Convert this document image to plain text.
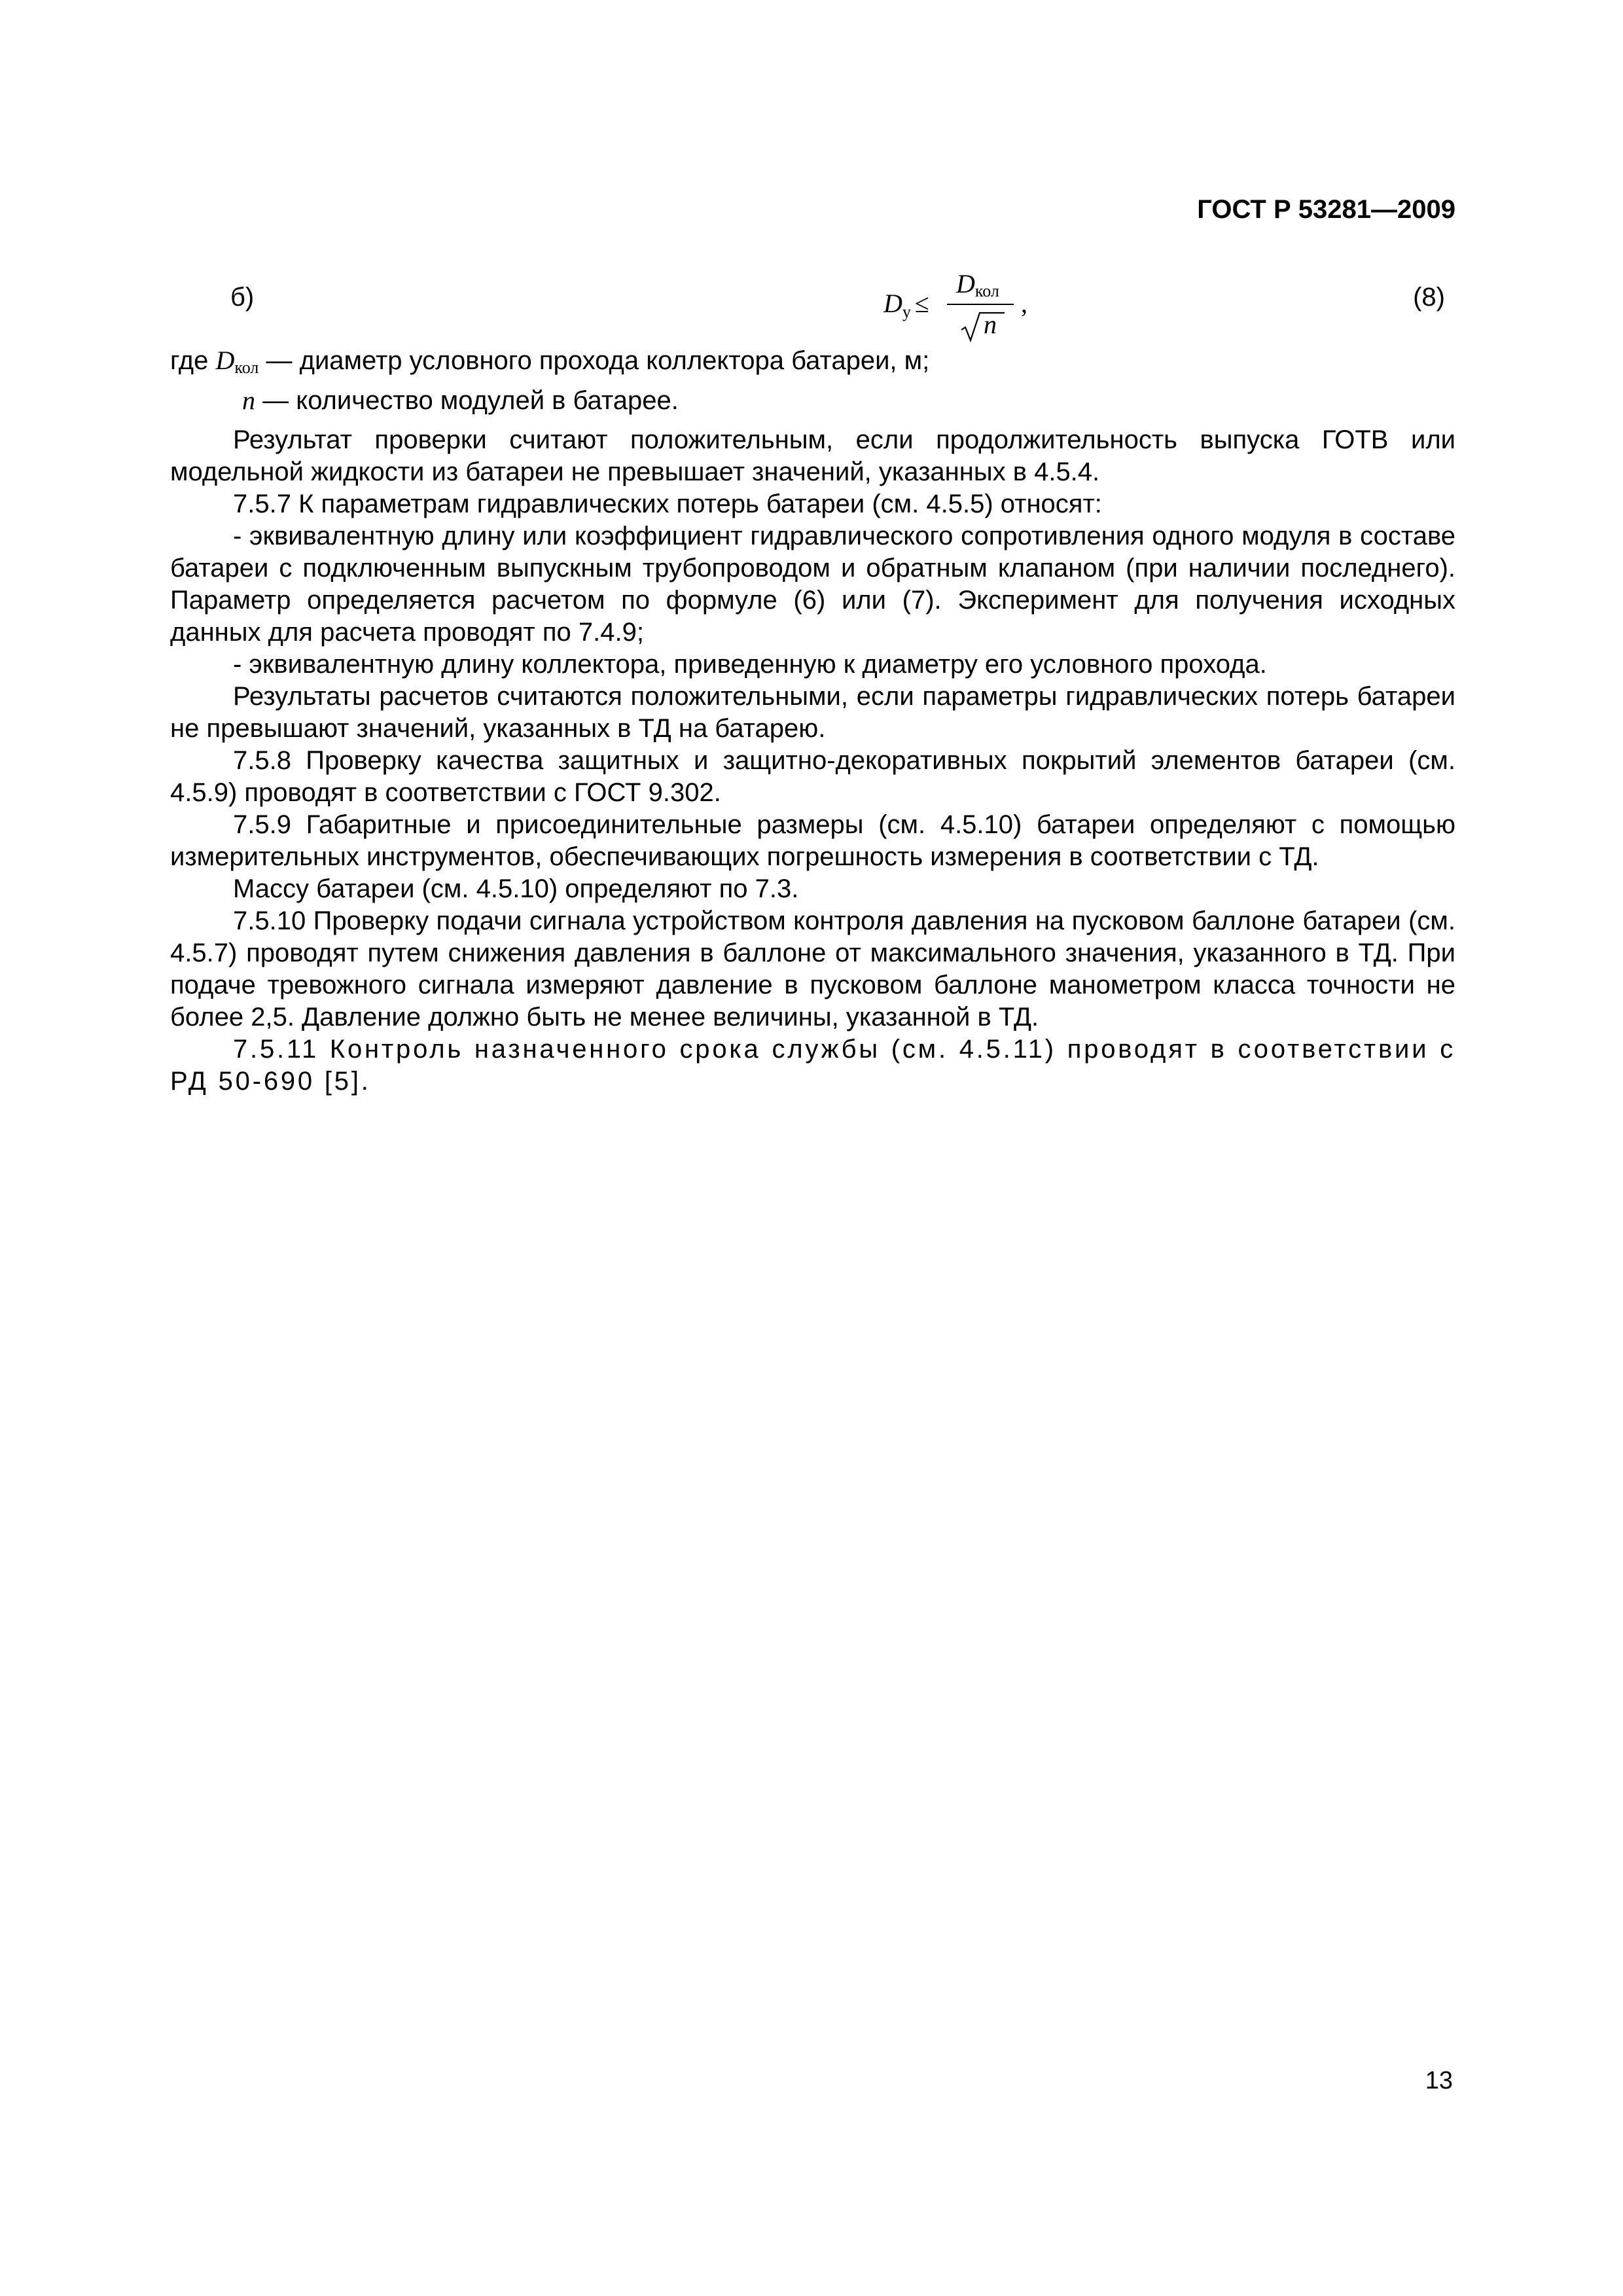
ГОСТ Р 53281—2009
б)	$D_у$ ≤
$D_{кол}$
n
,	(8)
где $D_{кол}$ — диаметр условного прохода коллектора батареи, м;
n — количество модулей в батарее.

Результат проверки считают положительным, если продолжительность выпуска ГОТВ или модельной жидкости из батареи не превышает значений, указанных в 4.5.4.

7.5.7 К параметрам гидравлических потерь батареи (см. 4.5.5) относят:

- эквивалентную длину или коэффициент гидравлического сопротивления одного модуля в составе батареи с подключенным выпускным трубопроводом и обратным клапаном (при наличии последнего). Параметр определяется расчетом по формуле (6) или (7). Эксперимент для получения исходных данных для расчета проводят по 7.4.9;

- эквивалентную длину коллектора, приведенную к диаметру его условного прохода.

Результаты расчетов считаются положительными, если параметры гидравлических потерь батареи не превышают значений, указанных в ТД на батарею.

7.5.8 Проверку качества защитных и защитно-декоративных покрытий элементов батареи (см. 4.5.9) проводят в соответствии с ГОСТ 9.302.

7.5.9 Габаритные и присоединительные размеры (см. 4.5.10) батареи определяют с помощью измерительных инструментов, обеспечивающих погрешность измерения в соответствии с ТД.

Массу батареи (см. 4.5.10) определяют по 7.3.

7.5.10 Проверку подачи сигнала устройством контроля давления на пусковом баллоне батареи (см. 4.5.7) проводят путем снижения давления в баллоне от максимального значения, указанного в ТД. При подаче тревожного сигнала измеряют давление в пусковом баллоне манометром класса точности не более 2,5. Давление должно быть не менее величины, указанной в ТД.

7.5.11 Контроль назначенного срока службы (см. 4.5.11) проводят в соответствии с РД 50-690 [5].

13
